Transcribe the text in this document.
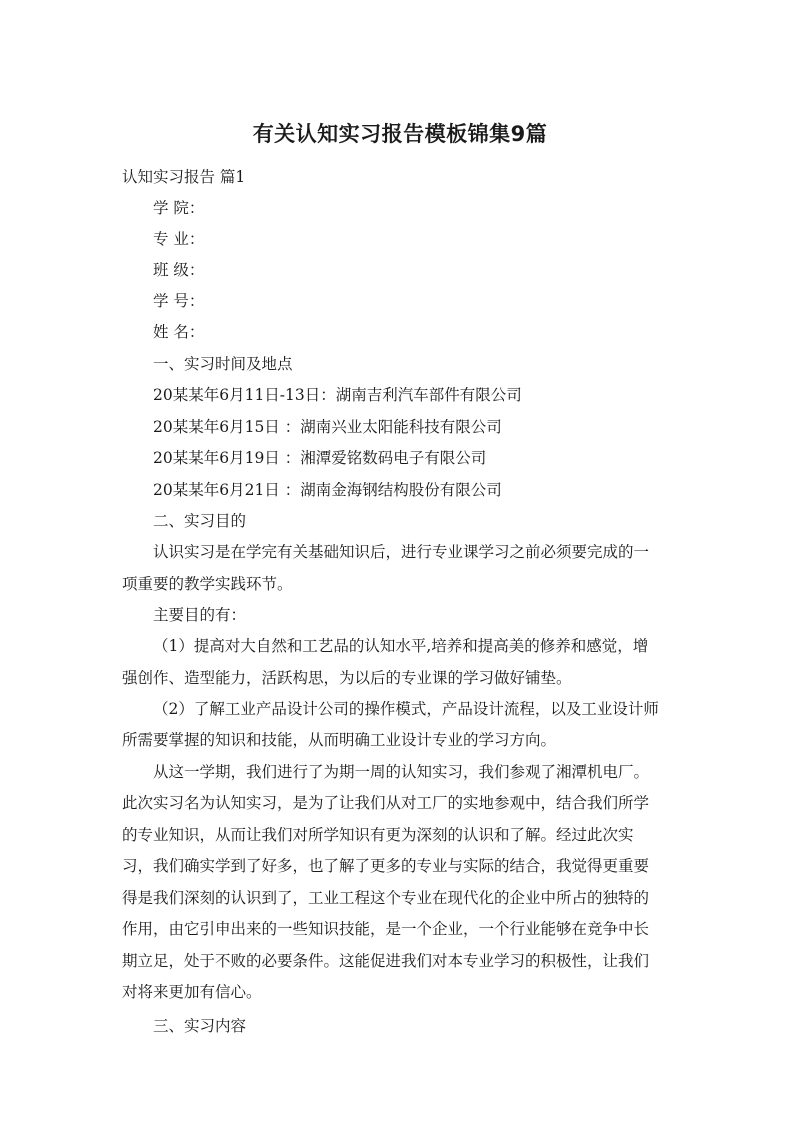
有关认知实习报告模板锦集9篇

认知实习报告 篇1

学 院：

专 业：

班 级：

学 号：

姓 名：

一、实习时间及地点

20某某年6月11日-13日：湖南吉利汽车部件有限公司

20某某年6月15日 ：湖南兴业太阳能科技有限公司

20某某年6月19日 ：湘潭爱铭数码电子有限公司

20某某年6月21日 ：湖南金海钢结构股份有限公司

二、实习目的

认识实习是在学完有关基础知识后，进行专业课学习之前必须要完成的一

项重要的教学实践环节。

主要目的有：

（1）提高对大自然和工艺品的认知水平,培养和提高美的修养和感觉，增

强创作、造型能力，活跃构思，为以后的专业课的学习做好铺垫。

（2）了解工业产品设计公司的操作模式，产品设计流程，以及工业设计师

所需要掌握的知识和技能，从而明确工业设计专业的学习方向。

从这一学期，我们进行了为期一周的认知实习，我们参观了湘潭机电厂。

此次实习名为认知实习，是为了让我们从对工厂的实地参观中，结合我们所学

的专业知识，从而让我们对所学知识有更为深刻的认识和了解。经过此次实

习，我们确实学到了好多，也了解了更多的专业与实际的结合，我觉得更重要

得是我们深刻的认识到了，工业工程这个专业在现代化的企业中所占的独特的

作用，由它引申出来的一些知识技能，是一个企业，一个行业能够在竞争中长

期立足，处于不败的必要条件。这能促进我们对本专业学习的积极性，让我们

对将来更加有信心。

三、实习内容
